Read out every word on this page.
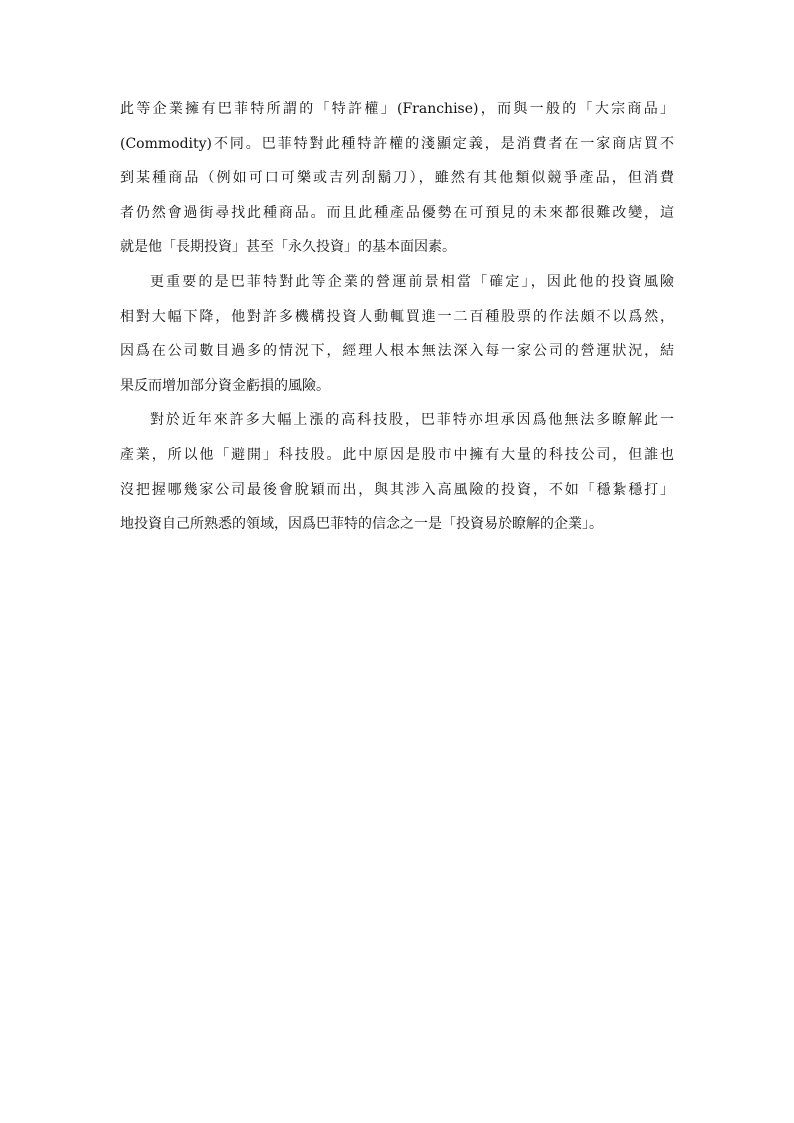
此等企業擁有巴菲特所謂的「特許權」(Franchise)，而與一般的「大宗商品」
(Commodity)不同。巴菲特對此種特許權的淺顯定義，是消費者在一家商店買不
到某種商品（例如可口可樂或吉列刮鬍刀），雖然有其他類似競爭產品，但消費
者仍然會過街尋找此種商品。而且此種產品優勢在可預見的未來都很難改變，這
就是他「長期投資」甚至「永久投資」的基本面因素。
更重要的是巴菲特對此等企業的營運前景相當「確定」，因此他的投資風險
相對大幅下降，他對許多機構投資人動輒買進一二百種股票的作法頗不以爲然，
因爲在公司數目過多的情況下，經理人根本無法深入每一家公司的營運狀況，結
果反而增加部分資金虧損的風險。
對於近年來許多大幅上漲的高科技股，巴菲特亦坦承因爲他無法多瞭解此一
產業，所以他「避開」科技股。此中原因是股市中擁有大量的科技公司，但誰也
沒把握哪幾家公司最後會脫穎而出，與其涉入高風險的投資，不如「穩紮穩打」
地投資自己所熟悉的領域，因爲巴菲特的信念之一是「投資易於瞭解的企業」。
